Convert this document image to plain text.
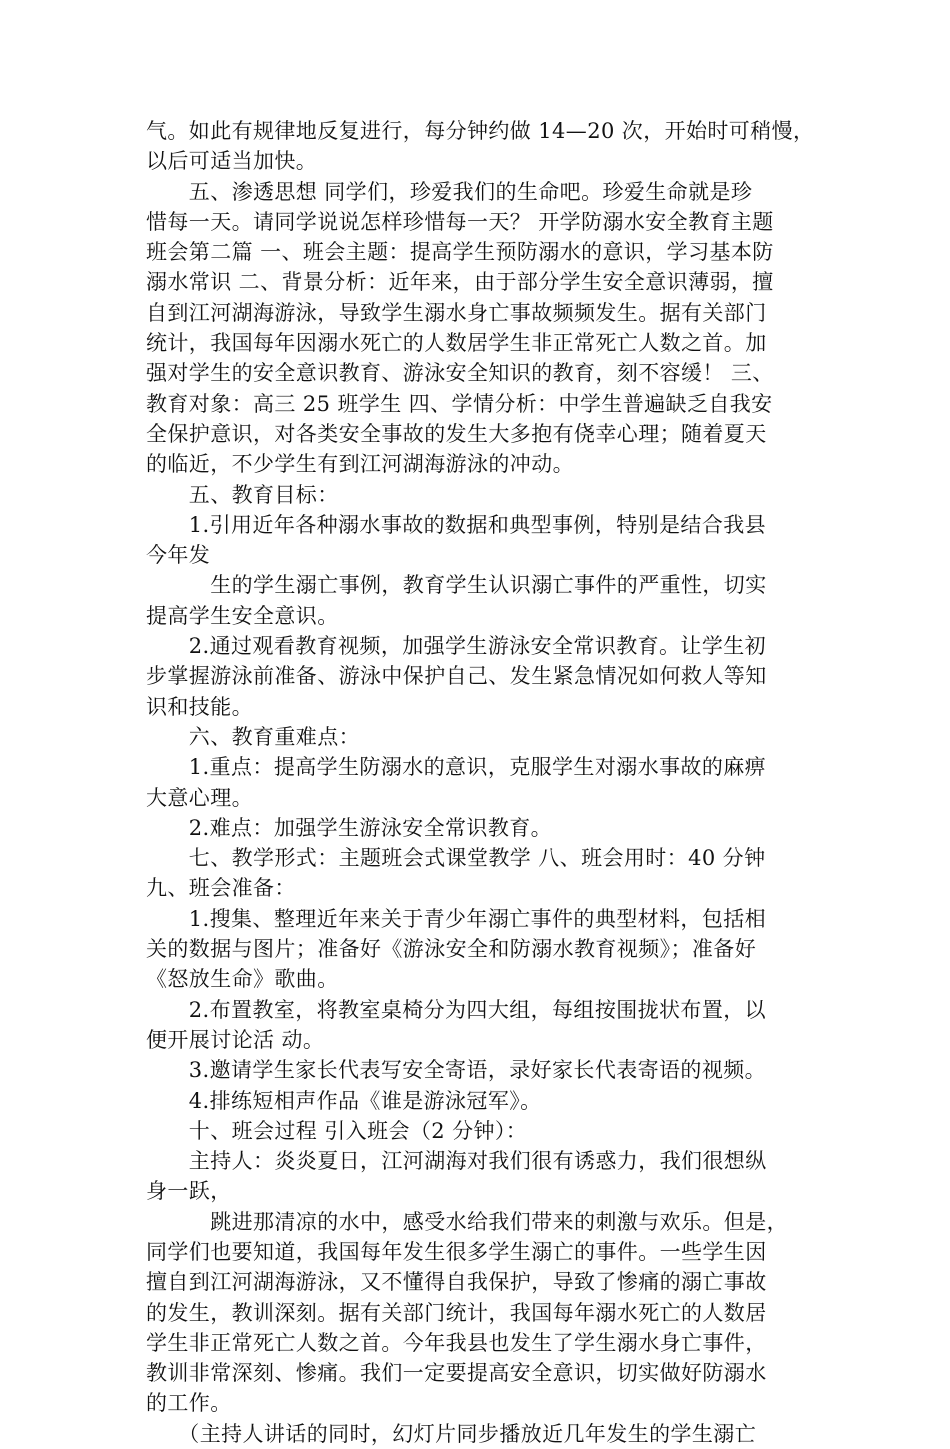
气。如此有规律地反复进行，每分钟约做 14—20 次，开始时可稍慢，
以后可适当加快。
　　五、渗透思想 同学们，珍爱我们的生命吧。珍爱生命就是珍
惜每一天。请同学说说怎样珍惜每一天？ 开学防溺水安全教育主题
班会第二篇 一、班会主题：提高学生预防溺水的意识，学习基本防
溺水常识 二、背景分析：近年来，由于部分学生安全意识薄弱，擅
自到江河湖海游泳，导致学生溺水身亡事故频频发生。据有关部门
统计，我国每年因溺水死亡的人数居学生非正常死亡人数之首。加
强对学生的安全意识教育、游泳安全知识的教育，刻不容缓！ 三、
教育对象：高三 25 班学生 四、学情分析：中学生普遍缺乏自我安
全保护意识，对各类安全事故的发生大多抱有侥幸心理；随着夏天
的临近，不少学生有到江河湖海游泳的冲动。
　　五、教育目标：
　　1.引用近年各种溺水事故的数据和典型事例，特别是结合我县
今年发
　　　生的学生溺亡事例，教育学生认识溺亡事件的严重性，切实
提高学生安全意识。
　　2.通过观看教育视频，加强学生游泳安全常识教育。让学生初
步掌握游泳前准备、游泳中保护自己、发生紧急情况如何救人等知
识和技能。
　　六、教育重难点：
　　1.重点：提高学生防溺水的意识，克服学生对溺水事故的麻痹
大意心理。
　　2.难点：加强学生游泳安全常识教育。
　　七、教学形式：主题班会式课堂教学 八、班会用时：40 分钟
九、班会准备：
　　1.搜集、整理近年来关于青少年溺亡事件的典型材料，包括相
关的数据与图片；准备好《游泳安全和防溺水教育视频》；准备好
《怒放生命》歌曲。
　　2.布置教室，将教室桌椅分为四大组，每组按围拢状布置，以
便开展讨论活 动。
　　3.邀请学生家长代表写安全寄语，录好家长代表寄语的视频。
　　4.排练短相声作品《谁是游泳冠军》。
　　十、班会过程 引入班会（2 分钟）：
　　主持人：炎炎夏日，江河湖海对我们很有诱惑力，我们很想纵
身一跃，
　　　跳进那清凉的水中，感受水给我们带来的刺激与欢乐。但是，
同学们也要知道，我国每年发生很多学生溺亡的事件。一些学生因
擅自到江河湖海游泳，又不懂得自我保护，导致了惨痛的溺亡事故
的发生，教训深刻。据有关部门统计，我国每年溺水死亡的人数居
学生非正常死亡人数之首。今年我县也发生了学生溺水身亡事件，
教训非常深刻、惨痛。我们一定要提高安全意识，切实做好防溺水
的工作。
　　（主持人讲话的同时，幻灯片同步播放近几年发生的学生溺亡
